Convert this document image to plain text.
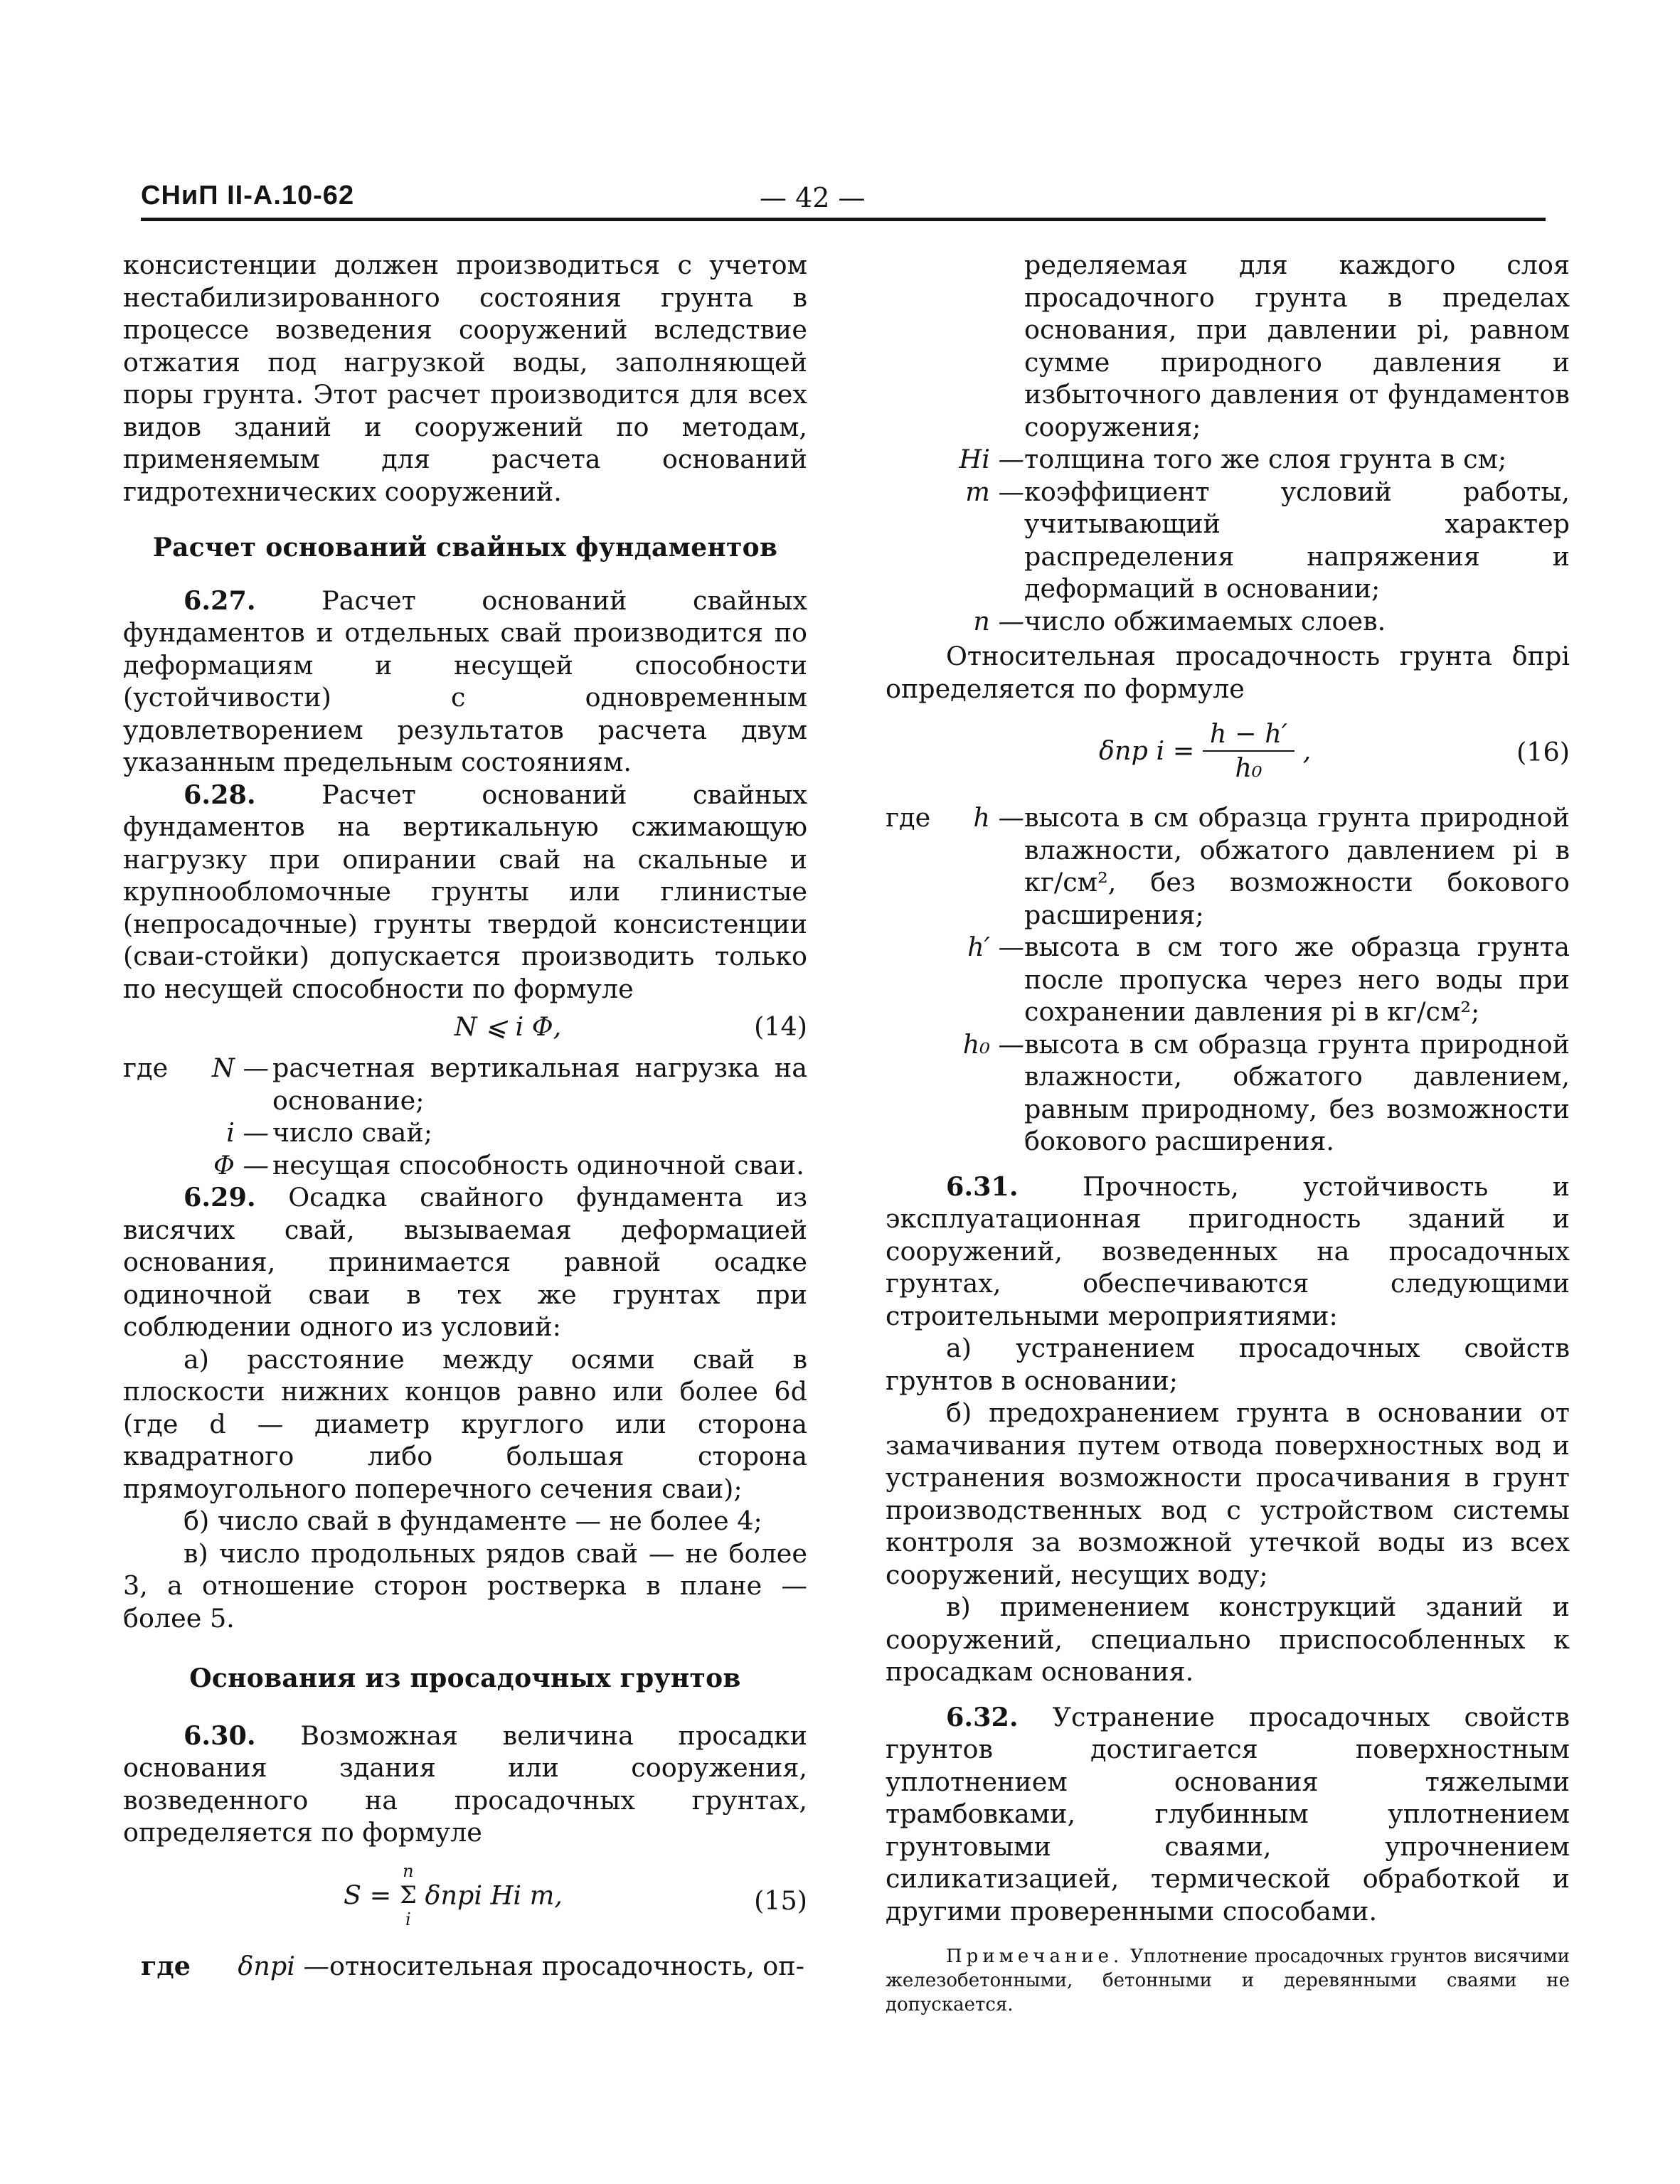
СНиП II-А.10-62	— 42 —

консистенции должен производиться с учетом нестабилизированного состояния грунта в процессе возведения сооружений вследствие отжатия под нагрузкой воды, заполняющей поры грунта. Этот расчет производится для всех видов зданий и сооружений по методам, применяемым для расчета оснований гидротехнических сооружений.

Расчет оснований свайных фундаментов

6.27. Расчет оснований свайных фундаментов и отдельных свай производится по деформациям и несущей способности (устойчивости) с одновременным удовлетворением результатов расчета двум указанным предельным состояниям.

6.28. Расчет оснований свайных фундаментов на вертикальную сжимающую нагрузку при опирании свай на скальные и крупнообломочные грунты или глинистые (непросадочные) грунты твердой консистенции (сваи-стойки) допускается производить только по несущей способности по формуле

N ⩽ i Φ,	(14)
где	N — расчетная вертикальная нагрузка на основание;
i — число свай;
Φ — несущая способность одиночной сваи.

6.29. Осадка свайного фундамента из висячих свай, вызываемая деформацией основания, принимается равной осадке одиночной сваи в тех же грунтах при соблюдении одного из условий:

а) расстояние между осями свай в плоскости нижних концов равно или более 6d (где d — диаметр круглого или сторона квадратного либо большая сторона прямоугольного поперечного сечения сваи);

б) число свай в фундаменте — не более 4;

в) число продольных рядов свай — не более 3, а отношение сторон ростверка в плане — более 5.

Основания из просадочных грунтов

6.30. Возможная величина просадки основания здания или сооружения, возведенного на просадочных грунтах, определяется по формуле

S =
n
Σ
i
δпрi Hi m,	(15)
где	δпрi — относительная просадочность, оп-
ределяемая для каждого слоя просадочного грунта в пределах основания, при давлении pi, равном сумме природного давления и избыточного давления от фундаментов сооружения;
Hi — толщина того же слоя грунта в см;
m — коэффициент условий работы, учитывающий характер распределения напряжения и деформаций в основании;
n — число обжимаемых слоев.

Относительная просадочность грунта δпрi определяется по формуле

δпр $i = \frac{h - h'}{\text{h₀}}$ ,	(16)
где	h — высота в см образца грунта природной влажности, обжатого давлением pi в кг/см², без возможности бокового расширения;
h′ — высота в см того же образца грунта после пропуска через него воды при сохранении давления pi в кг/см²;
h₀ — высота в см образца грунта природной влажности, обжатого давлением, равным природному, без возможности бокового расширения.

6.31. Прочность, устойчивость и эксплуатационная пригодность зданий и сооружений, возведенных на просадочных грунтах, обеспечиваются следующими строительными мероприятиями:

а) устранением просадочных свойств грунтов в основании;

б) предохранением грунта в основании от замачивания путем отвода поверхностных вод и устранения возможности просачивания в грунт производственных вод с устройством системы контроля за возможной утечкой воды из всех сооружений, несущих воду;

в) применением конструкций зданий и сооружений, специально приспособленных к просадкам основания.

6.32. Устранение просадочных свойств грунтов достигается поверхностным уплотнением основания тяжелыми трамбовками, глубинным уплотнением грунтовыми сваями, упрочнением силикатизацией, термической обработкой и другими проверенными способами.

Примечание. Уплотнение просадочных грунтов висячими железобетонными, бетонными и деревянными сваями не допускается.
